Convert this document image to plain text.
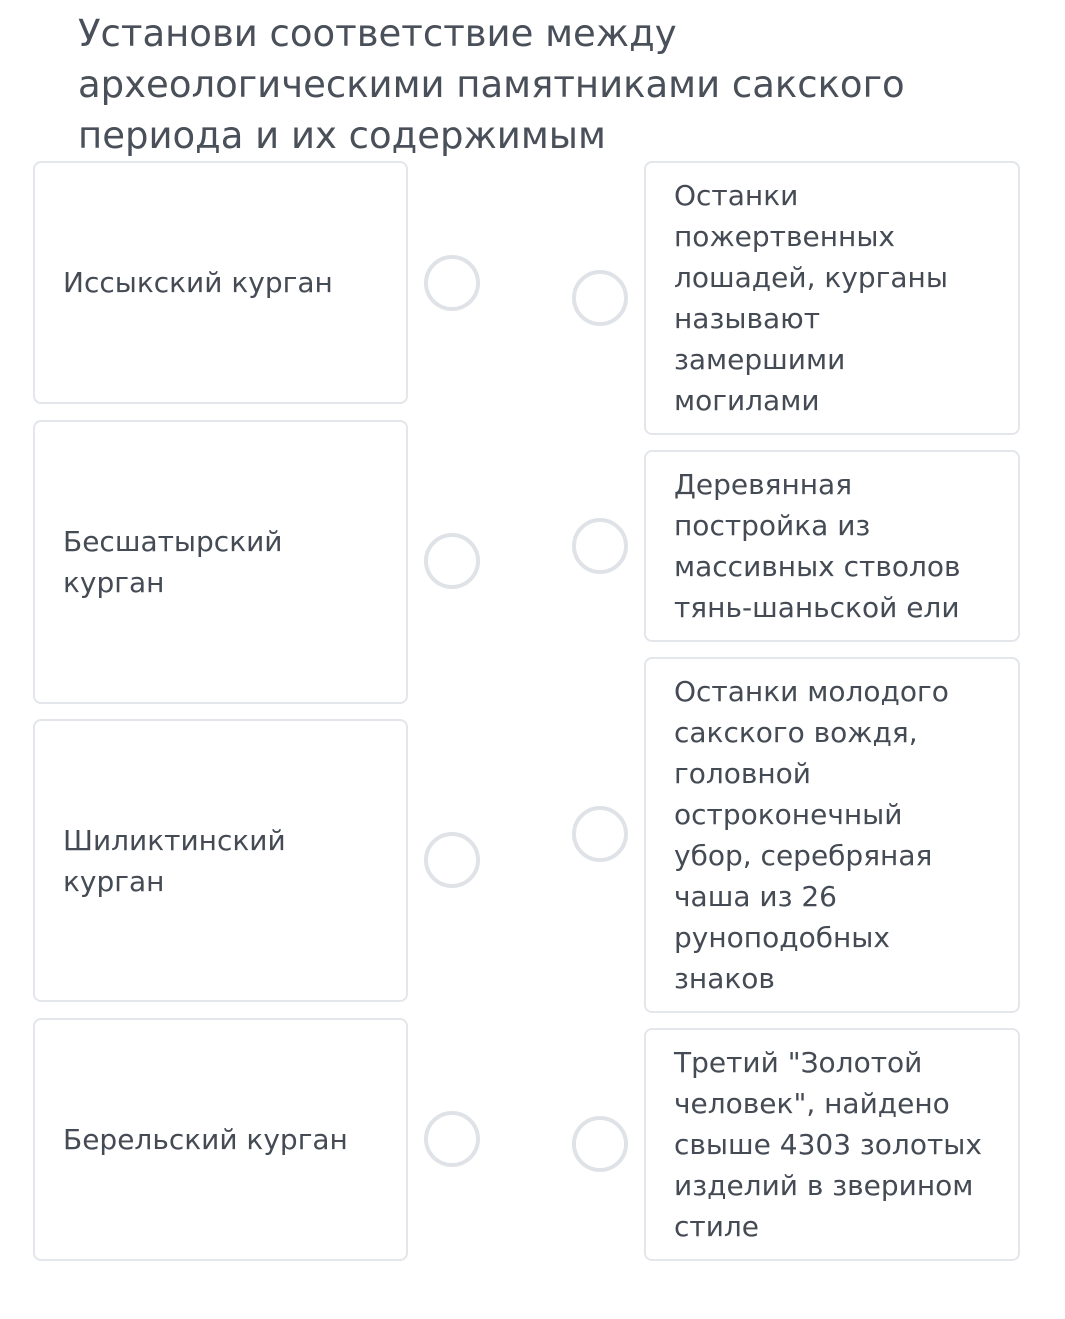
Установи соответствие между археологическими памятниками сакского периода и их содержимым
Иссыкский курган
Бесшатырский
курган
Шиликтинский
курган
Берельский курган
Останки
пожертвенных
лошадей, курганы
называют
замершими
могилами
Деревянная
постройка из
массивных стволов
тянь-шаньской ели
Останки молодого
сакского вождя,
головной
остроконечный
убор, серебряная
чаша из 26
руноподобных
знаков
Третий "Золотой
человек", найдено
свыше 4303 золотых
изделий в зверином
стиле
